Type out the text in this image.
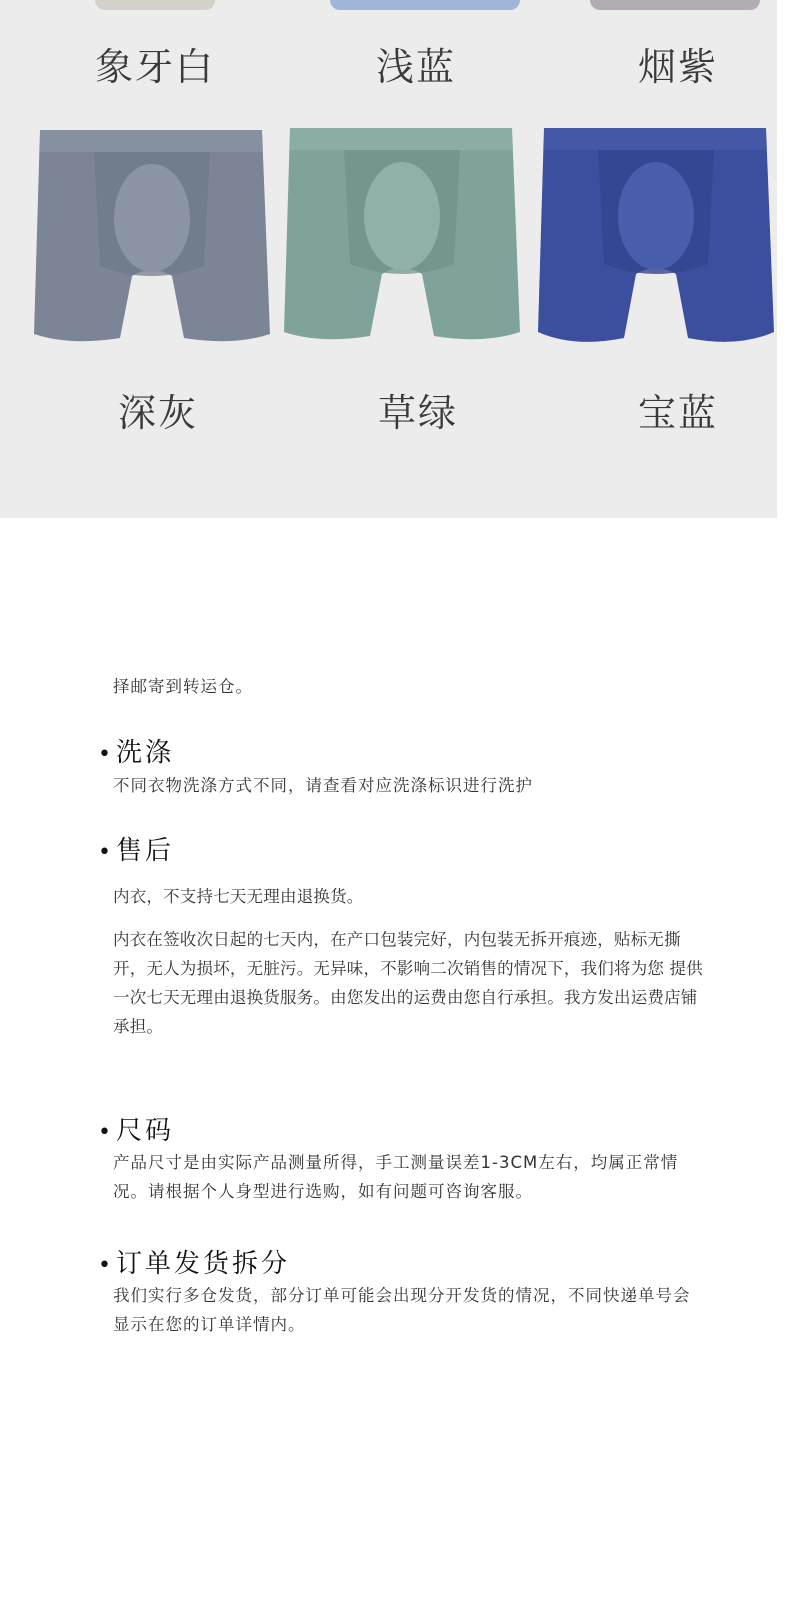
象牙白	浅蓝	烟紫
深灰	草绿	宝蓝
择邮寄到转运仓。
•洗涤
不同衣物洗涤方式不同，请查看对应洗涤标识进行洗护
•售后
内衣，不支持七天无理由退换货。
内衣在签收次日起的七天内，在产口包装完好，内包装无拆开痕迹，贴标无撕开，无人为损坏，无脏污。无异味，不影响二次销售的情况下，我们将为您 提供一次七天无理由退换货服务。由您发出的运费由您自行承担。我方发出运费店铺承担。
•尺码
产品尺寸是由实际产品测量所得，手工测量误差1-3CM左右，均属正常情况。请根据个人身型进行选购，如有问题可咨询客服。
•订单发货拆分
我们实行多仓发货，部分订单可能会出现分开发货的情况，不同快递单号会显示在您的订单详情内。
